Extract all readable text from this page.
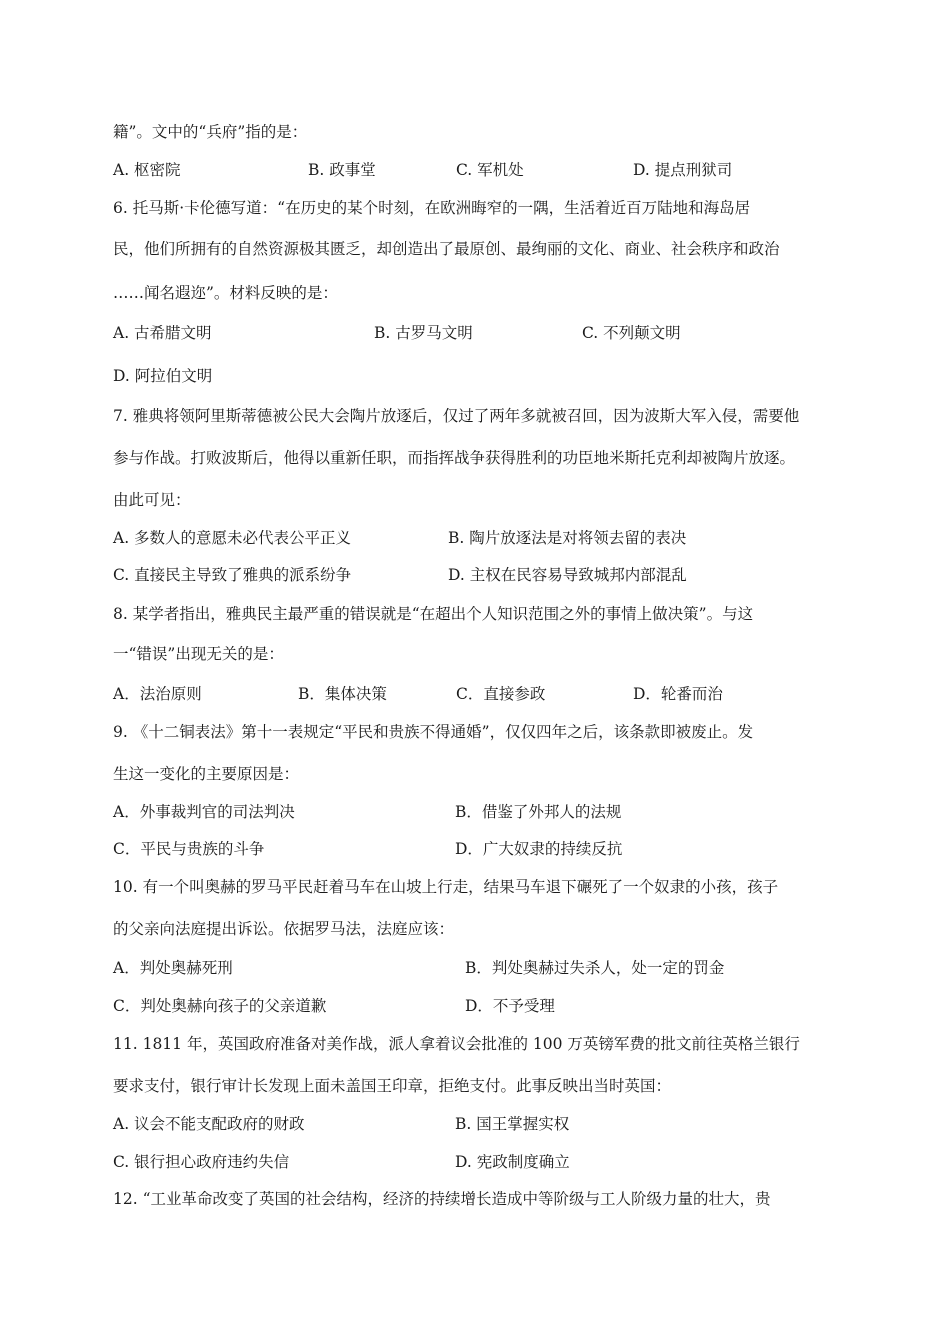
籍”。文中的“兵府”指的是：
A. 枢密院	B. 政事堂	C. 军机处	D. 提点刑狱司
6. 托马斯·卡伦德写道：“在历史的某个时刻，在欧洲晦窄的一隅，生活着近百万陆地和海岛居
民，他们所拥有的自然资源极其匮乏，却创造出了最原创、最绚丽的文化、商业、社会秩序和政治
……闻名遐迩”。材料反映的是：
A. 古希腊文明	B. 古罗马文明	C. 不列颠文明
D. 阿拉伯文明
7. 雅典将领阿里斯蒂德被公民大会陶片放逐后，仅过了两年多就被召回，因为波斯大军入侵，需要他
参与作战。打败波斯后，他得以重新任职，而指挥战争获得胜利的功臣地米斯托克利却被陶片放逐。
由此可见：
A. 多数人的意愿未必代表公平正义	B. 陶片放逐法是对将领去留的表决
C. 直接民主导致了雅典的派系纷争	D. 主权在民容易导致城邦内部混乱
8. 某学者指出，雅典民主最严重的错误就是“在超出个人知识范围之外的事情上做决策”。与这
一“错误”出现无关的是：
A．法治原则	B．集体决策	C．直接参政	D．轮番而治
9. 《十二铜表法》第十一表规定“平民和贵族不得通婚”，仅仅四年之后，该条款即被废止。发
生这一变化的主要原因是：
A．外事裁判官的司法判决	B．借鉴了外邦人的法规
C．平民与贵族的斗争	D．广大奴隶的持续反抗
10. 有一个叫奥赫的罗马平民赶着马车在山坡上行走，结果马车退下碾死了一个奴隶的小孩，孩子
的父亲向法庭提出诉讼。依据罗马法，法庭应该：
A．判处奥赫死刑	B．判处奥赫过失杀人，处一定的罚金
C．判处奥赫向孩子的父亲道歉	D．不予受理
11. 1811 年，英国政府准备对美作战，派人拿着议会批准的 100 万英镑军费的批文前往英格兰银行
要求支付，银行审计长发现上面未盖国王印章，拒绝支付。此事反映出当时英国：
A. 议会不能支配政府的财政	B. 国王掌握实权
C. 银行担心政府违约失信	D. 宪政制度确立
12. “工业革命改变了英国的社会结构，经济的持续增长造成中等阶级与工人阶级力量的壮大，贵
